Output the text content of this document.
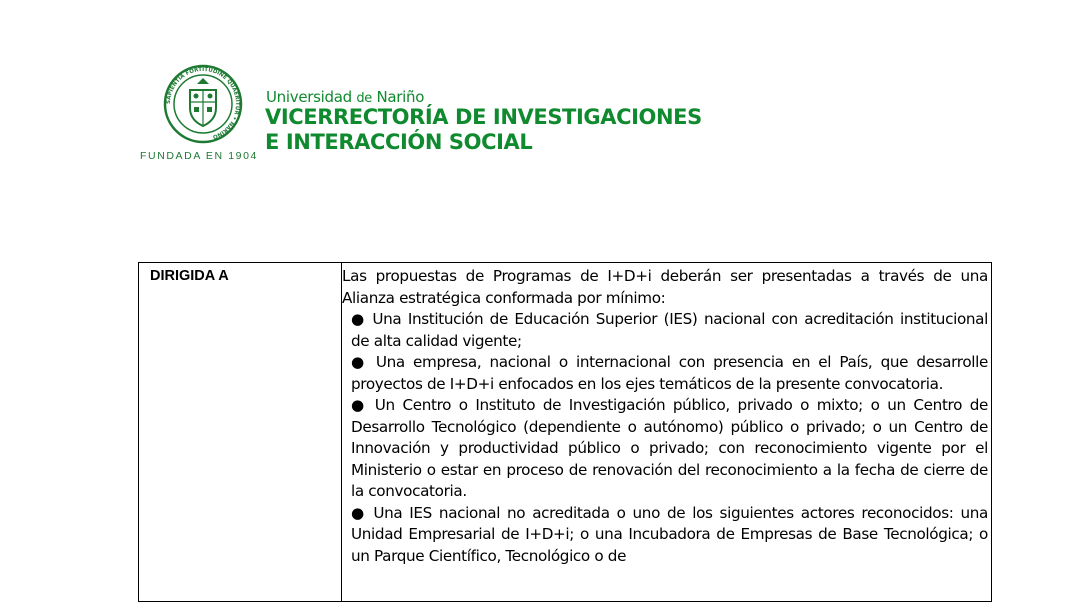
SAPIENTIA FORTITUDINE QUAERITUR • NARIÑO
FUNDADA EN 1904
Universidad de Nariño
VICERRECTORÍA DE INVESTIGACIONES
E INTERACCIÓN SOCIAL
DIRIGIDA A	Las propuestas de Programas de I+D+i deberán ser presentadas a través de una Alianza estratégica conformada por mínimo:

● Una Institución de Educación Superior (IES) nacional con acreditación institucional de alta calidad vigente;

● Una empresa, nacional o internacional con presencia en el País, que desarrolle proyectos de I+D+i enfocados en los ejes temáticos de la presente convocatoria.

● Un Centro o Instituto de Investigación público, privado o mixto; o un Centro de Desarrollo Tecnológico (dependiente o autónomo) público o privado; o un Centro de Innovación y productividad público o privado; con reconocimiento vigente por el Ministerio o estar en proceso de renovación del reconocimiento a la fecha de cierre de la convocatoria.

● Una IES nacional no acreditada o uno de los siguientes actores reconocidos: una Unidad Empresarial de I+D+i; o una Incubadora de Empresas de Base Tecnológica; o un Parque Científico, Tecnológico o de
